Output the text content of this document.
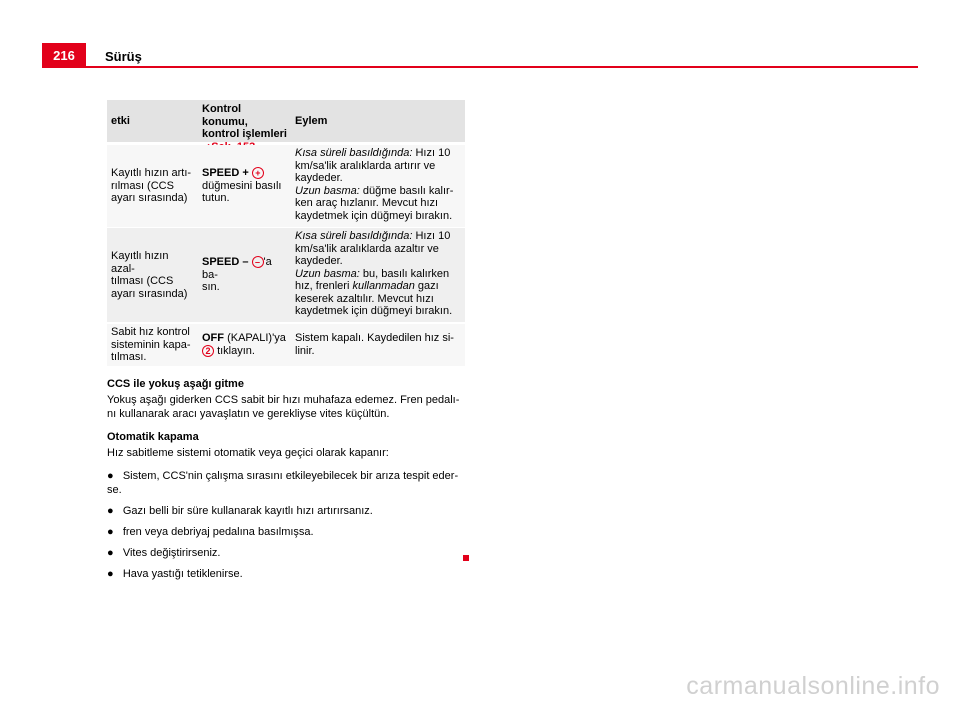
216	Sürüş
etki
Kontrol konumu,
kontrol işlemleri
Eylem
Kayıtlı hızın artı-
rılması (CCS
ayarı sırasında)
SPEED + +
düğmesini basılı
tutun.
Kısa süreli basıldığında: Hızı 10
km/sa'lik aralıklarda artırır ve
kaydeder.
Uzun basma: düğme basılı kalır-
ken araç hızlanır. Mevcut hızı
kaydetmek için düğmeyi bırakın.
Kayıtlı hızın azal-
tılması (CCS
ayarı sırasında)
SPEED – – 'a ba-
sın.
Kısa süreli basıldığında: Hızı 10
km/sa'lik aralıklarda azaltır ve
kaydeder.
Uzun basma: bu, basılı kalırken
hız, frenleri kullanmadan gazı
keserek azaltılır. Mevcut hızı
kaydetmek için düğmeyi bırakın.
Sabit hız kontrol
sisteminin kapa-
tılması.
OFF (KAPALI)'ya
2 tıklayın.
Sistem kapalı. Kaydedilen hız si-
linir.
CCS ile yokuş aşağı gitme

Yokuş aşağı giderken CCS sabit bir hızı muhafaza edemez. Fren pedalı-
nı kullanarak aracı yavaşlatın ve gerekliyse vites küçültün.

Otomatik kapama

Hız sabitleme sistemi otomatik veya geçici olarak kapanır:

● Sistem, CCS'nin çalışma sırasını etkileyebilecek bir arıza tespit eder-
se.
● Gazı belli bir süre kullanarak kayıtlı hızı artırırsanız.
● fren veya debriyaj pedalına basılmışsa.
● Vites değiştirirseniz.
● Hava yastığı tetiklenirse.
carmanualsonline.info
